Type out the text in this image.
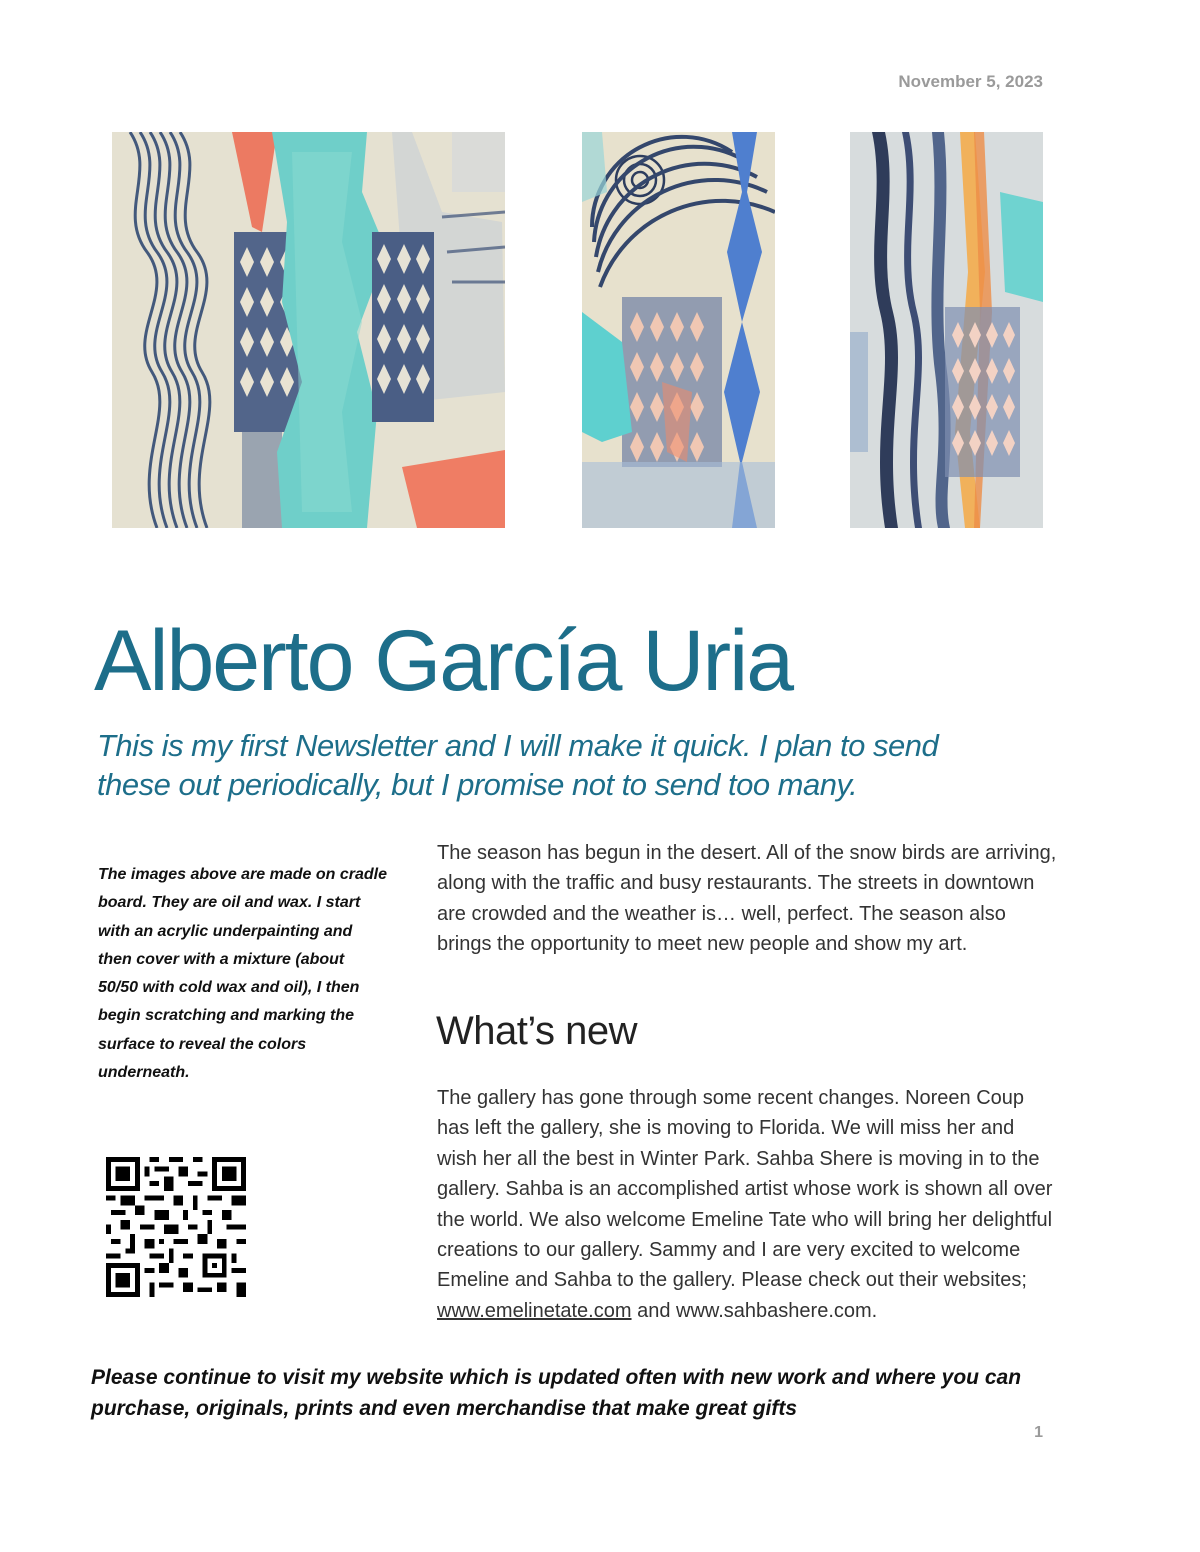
November 5, 2023
Alberto García Uria

This is my first Newsletter and I will make it quick. I plan to send these out periodically, but I promise not to send too many.

The images above are made on cradle board. They are oil and wax. I start with an acrylic underpainting and then cover with a mixture (about 50/50 with cold wax and oil), I then begin scratching and marking the surface to reveal the colors underneath.

The season has begun in the desert. All of the snow birds are arriving, along with the traffic and busy restaurants. The streets in downtown are crowded and the weather is… well, perfect. The season also brings the opportunity to meet new people and show my art.

What’s new

The gallery has gone through some recent changes. Noreen Coup has left the gallery, she is moving to Florida. We will miss her and wish her all the best in Winter Park. Sahba Shere is moving in to the gallery. Sahba is an accomplished artist whose work is shown all over the world. We also welcome Emeline Tate who will bring her delightful creations to our gallery. Sammy and I are very excited to welcome Emeline and Sahba to the gallery. Please check out their websites; www.emelinetate.com and www.sahbashere.com.

Please continue to visit my website which is updated often with new work and where you can purchase, originals, prints and even merchandise that make great gifts

1
